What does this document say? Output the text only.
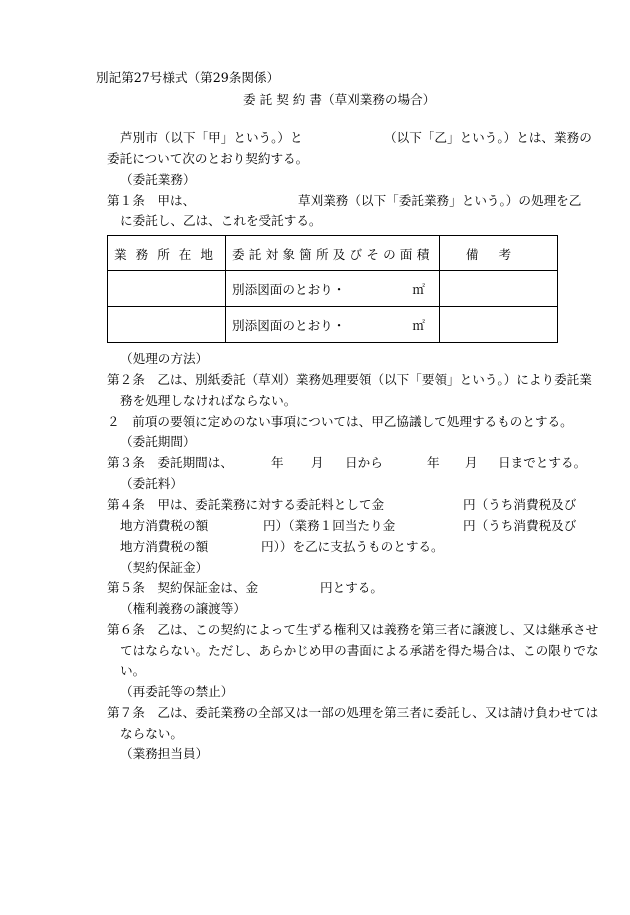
別記第27号様式（第29条関係）
委 託 契 約 書（草刈業務の場合）
芦別市（以下「甲」という。）と	（以下「乙」という。）とは、業務の
委託について次のとおり契約する。
（委託業務）
第１条　甲は、	草刈業務（以下「委託業務」という。）の処理を乙
に委託し、乙は、これを受託する。
業務所在地	委託対象箇所及びその面積	備考
	別添図面のとおり・ ㎡	

	別添図面のとおり・ ㎡	

（処理の方法）
第２条　乙は、別紙委託（草刈）業務処理要領（以下「要領」という。）により委託業
務を処理しなければならない。
２　前項の要領に定めのない事項については、甲乙協議して処理するものとする。
（委託期間）
第３条　委託期間は、	年 月 日から	年 月 日までとする。
（委託料）
第４条　甲は、委託業務に対する委託料として金	円（うち消費税及び
地方消費税の額	円）（業務１回当たり金	円（うち消費税及び
地方消費税の額	円））を乙に支払うものとする。
（契約保証金）
第５条　契約保証金は、金	円とする。
（権利義務の譲渡等）
第６条　乙は、この契約によって生ずる権利又は義務を第三者に譲渡し、又は継承させ
てはならない。ただし、あらかじめ甲の書面による承諾を得た場合は、この限りでな
い。
（再委託等の禁止）
第７条　乙は、委託業務の全部又は一部の処理を第三者に委託し、又は請け負わせては
ならない。
（業務担当員）
